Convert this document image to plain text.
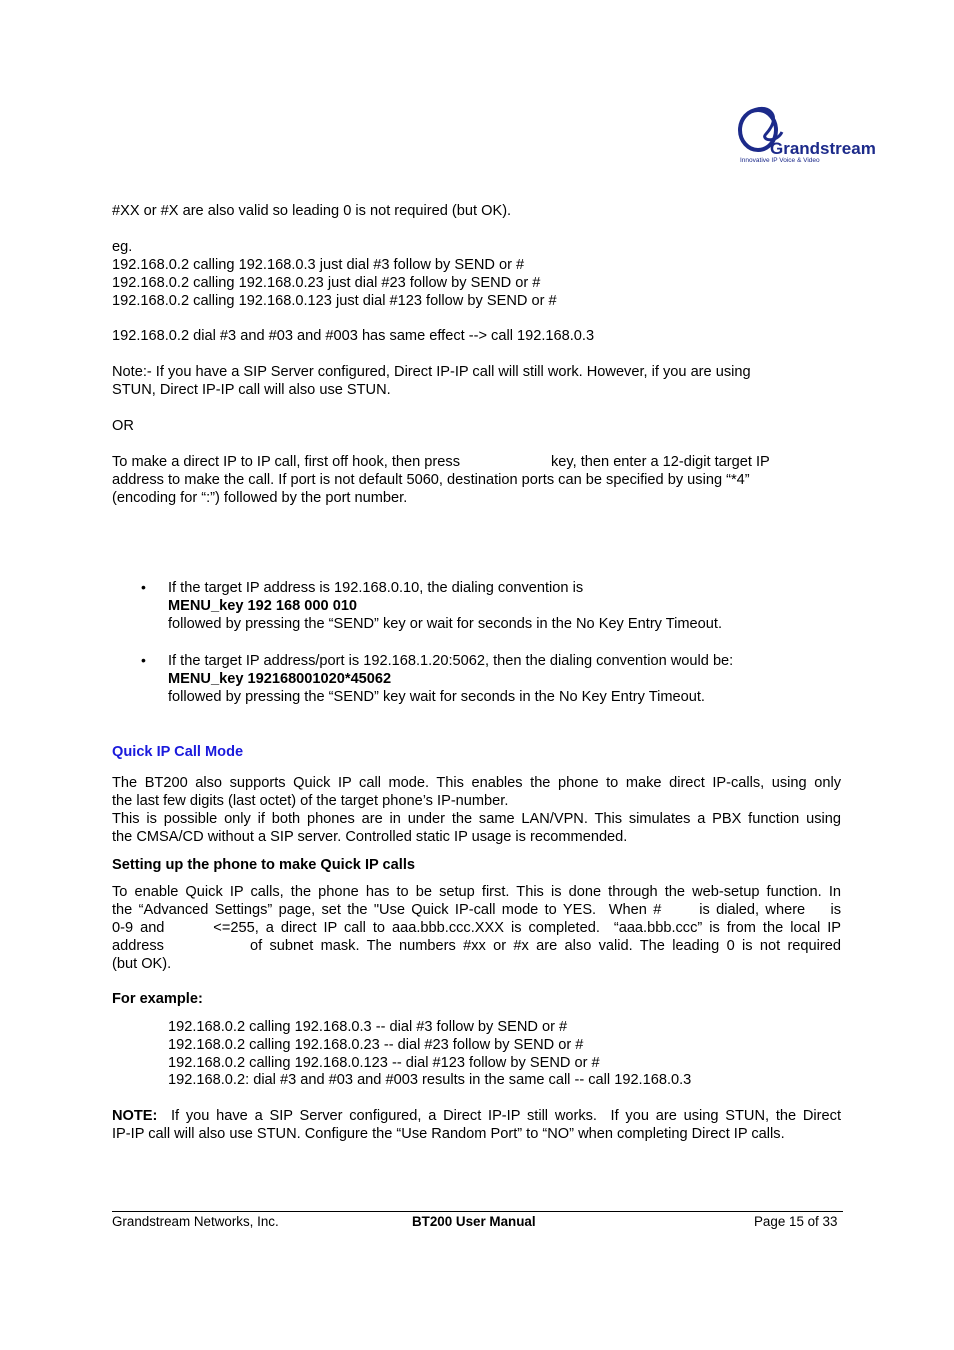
Grandstream
Innovative IP Voice & Video
#XX or #X are also valid so leading 0 is not required (but OK).
eg.
192.168.0.2 calling 192.168.0.3 just dial #3 follow by SEND or #
192.168.0.2 calling 192.168.0.23 just dial #23 follow by SEND or #
192.168.0.2 calling 192.168.0.123 just dial #123 follow by SEND or #
192.168.0.2 dial #3 and #03 and #003 has same effect --> call 192.168.0.3
Note:- If you have a SIP Server configured, Direct IP-IP call will still work. However, if you are using
STUN, Direct IP-IP call will also use STUN.
OR
To make a direct IP to IP call, first off hook, then press	key, then enter a 12-digit target IP
address to make the call. If port is not default 5060, destination ports can be specified by using “*4”
(encoding for “:”) followed by the port number.
• If the target IP address is 192.168.0.10, the dialing convention is
MENU_key 192 168 000 010
followed by pressing the “SEND” key or wait for seconds in the No Key Entry Timeout.
• If the target IP address/port is 192.168.1.20:5062, then the dialing convention would be:
MENU_key 192168001020*45062
followed by pressing the “SEND” key wait for seconds in the No Key Entry Timeout.
Quick IP Call Mode
The BT200 also supports Quick IP call mode. This enables the phone to make direct IP-calls, using only
the last few digits (last octet) of the target phone’s IP-number.
This is possible only if both phones are in under the same LAN/VPN. This simulates a PBX function using
the CMSA/CD without a SIP server. Controlled static IP usage is recommended.
Setting up the phone to make Quick IP calls
To enable Quick IP calls, the phone has to be setup first. This is done through the web-setup function. In
the “Advanced Settings” page, set the "Use Quick IP-call mode to YES.  When #      is dialed, where    is
0-9 and       <=255, a direct IP call to aaa.bbb.ccc.XXX is completed.  “aaa.bbb.ccc” is from the local IP
address	of subnet mask. The numbers #xx or #x are also valid. The leading 0 is not required
(but OK).
For example:
192.168.0.2 calling 192.168.0.3 -- dial #3 follow by SEND or #
192.168.0.2 calling 192.168.0.23 -- dial #23 follow by SEND or #
192.168.0.2 calling 192.168.0.123 -- dial #123 follow by SEND or #
192.168.0.2: dial #3 and #03 and #003 results in the same call -- call 192.168.0.3
NOTE: If you have a SIP Server configured, a Direct IP-IP still works.  If you are using STUN, the Direct
IP-IP call will also use STUN. Configure the “Use Random Port” to “NO” when completing Direct IP calls.
Grandstream Networks, Inc.	BT200 User Manual	Page 15 of 33
